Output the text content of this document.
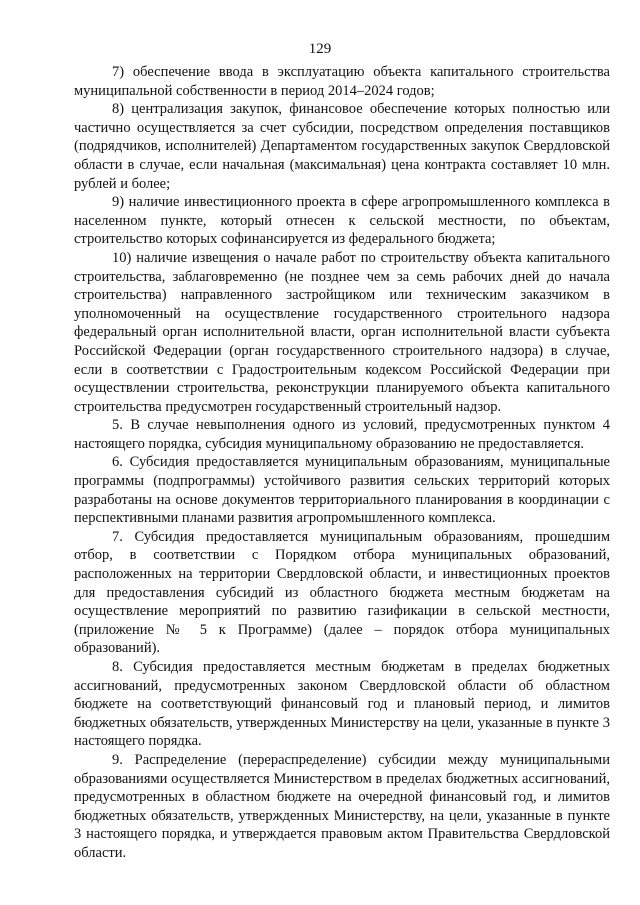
129

7) обеспечение ввода в эксплуатацию объекта капитального строительства муниципальной собственности в период 2014–2024 годов;

8) централизация закупок, финансовое обеспечение которых полностью или частично осуществляется за счет субсидии, посредством определения поставщиков (подрядчиков, исполнителей) Департаментом государственных закупок Свердловской области в случае, если начальная (максимальная) цена контракта составляет 10 млн. рублей и более;

9) наличие инвестиционного проекта в сфере агропромышленного комплекса в населенном пункте, который отнесен к сельской местности, по объектам, строительство которых софинансируется из федерального бюджета;

10) наличие извещения о начале работ по строительству объекта капитального строительства, заблаговременно (не позднее чем за семь рабочих дней до начала строительства) направленного застройщиком или техническим заказчиком в уполномоченный на осуществление государственного строительного надзора федеральный орган исполнительной власти, орган исполнительной власти субъекта Российской Федерации (орган государственного строительного надзора) в случае, если в соответствии с Градостроительным кодексом Российской Федерации при осуществлении строительства, реконструкции планируемого объекта капитального строительства предусмотрен государственный строительный надзор.

5. В случае невыполнения одного из условий, предусмотренных пунктом 4 настоящего порядка, субсидия муниципальному образованию не предоставляется.

6. Субсидия предоставляется муниципальным образованиям, муниципальные программы (подпрограммы) устойчивого развития сельских территорий которых разработаны на основе документов территориального планирования в координации с перспективными планами развития агропромышленного комплекса.

7. Субсидия предоставляется муниципальным образованиям, прошедшим отбор, в соответствии с Порядком отбора муниципальных образований, расположенных на территории Свердловской области, и инвестиционных проектов для предоставления субсидий из областного бюджета местным бюджетам на осуществление мероприятий по развитию газификации в сельской местности, (приложение № 5 к Программе) (далее – порядок отбора муниципальных образований).

8. Субсидия предоставляется местным бюджетам в пределах бюджетных ассигнований, предусмотренных законом Свердловской области об областном бюджете на соответствующий финансовый год и плановый период, и лимитов бюджетных обязательств, утвержденных Министерству на цели, указанные в пункте 3 настоящего порядка.

9. Распределение (перераспределение) субсидии между муниципальными образованиями осуществляется Министерством в пределах бюджетных ассигнований, предусмотренных в областном бюджете на очередной финансовый год, и лимитов бюджетных обязательств, утвержденных Министерству, на цели, указанные в пункте 3 настоящего порядка, и утверждается правовым актом Правительства Свердловской области.
